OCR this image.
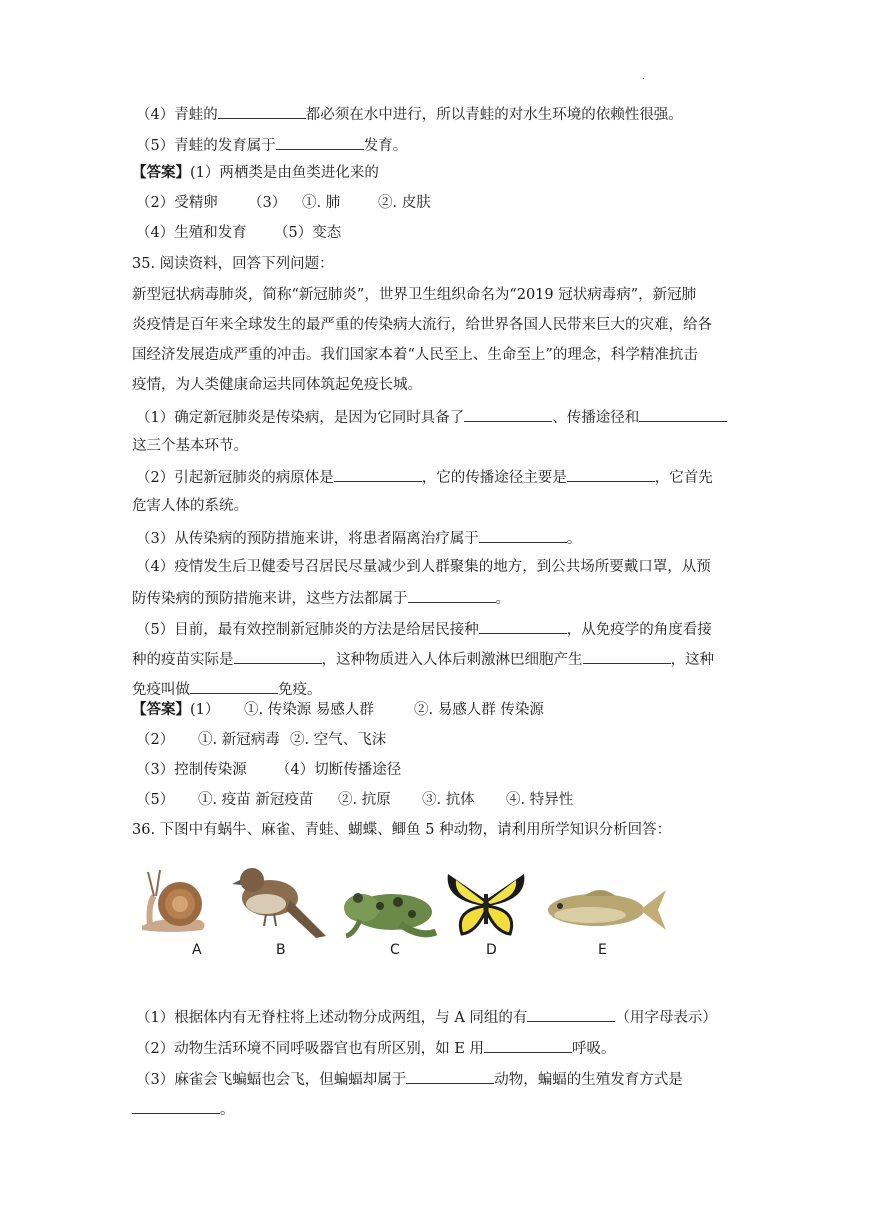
.
（4）青蛙的	都必须在水中进行，所以青蛙的对水生环境的依赖性很强。
（5）青蛙的发育属于	发育。
【答案】(1）两栖类是由鱼类进化来的
（2）受精卵 （3） ①. 肺	②. 皮肤
（4）生殖和发育 （5）变态
35. 阅读资料，回答下列问题：
新型冠状病毒肺炎，简称“新冠肺炎”，世界卫生组织命名为“2019 冠状病毒病”，新冠肺
炎疫情是百年来全球发生的最严重的传染病大流行，给世界各国人民带来巨大的灾难，给各
国经济发展造成严重的冲击。我们国家本着“人民至上、生命至上”的理念，科学精准抗击
疫情，为人类健康命运共同体筑起免疫长城。
（1）确定新冠肺炎是传染病，是因为它同时具备了	、传播途径和
这三个基本环节。
（2）引起新冠肺炎的病原体是	，它的传播途径主要是	，它首先
危害人体的系统。
（3）从传染病的预防措施来讲，将患者隔离治疗属于	。
（4）疫情发生后卫健委号召居民尽量减少到人群聚集的地方，到公共场所要戴口罩，从预
防传染病的预防措施来讲，这些方法都属于	。
（5）目前，最有效控制新冠肺炎的方法是给居民接种	，从免疫学的角度看接
种的疫苗实际是	，这种物质进入人体后刺激淋巴细胞产生	，这种
免疫叫做	免疫。
【答案】(1） ①. 传染源 易感人群	②. 易感人群 传染源
（2） ①. 新冠病毒 ②. 空气、飞沫
（3）控制传染源 （4）切断传播途径
（5） ①. 疫苗 新冠疫苗 ②. 抗原 ③. 抗体 ④. 特异性
36. 下图中有蜗牛、麻雀、青蛙、蝴蝶、鲫鱼 5 种动物，请利用所学知识分析回答：
A	B	C	D	E
（1）根据体内有无脊柱将上述动物分成两组，与 A 同组的有	（用字母表示）
（2）动物生活环境不同呼吸器官也有所区别，如 E 用	呼吸。
（3）麻雀会飞蝙蝠也会飞，但蝙蝠却属于	动物，蝙蝠的生殖发育方式是
。
